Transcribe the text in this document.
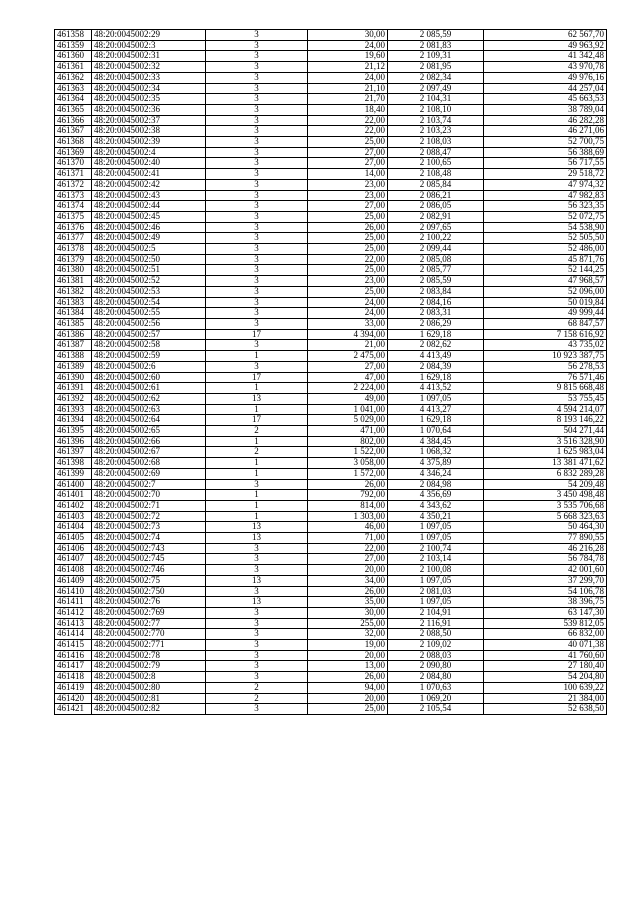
461358	48:20:0045002:29	3	30,00	2 085,59	62 567,70
461359	48:20:0045002:3	3	24,00	2 081,83	49 963,92
461360	48:20:0045002:31	3	19,60	2 109,31	41 342,48
461361	48:20:0045002:32	3	21,12	2 081,95	43 970,78
461362	48:20:0045002:33	3	24,00	2 082,34	49 976,16
461363	48:20:0045002:34	3	21,10	2 097,49	44 257,04
461364	48:20:0045002:35	3	21,70	2 104,31	45 663,53
461365	48:20:0045002:36	3	18,40	2 108,10	38 789,04
461366	48:20:0045002:37	3	22,00	2 103,74	46 282,28
461367	48:20:0045002:38	3	22,00	2 103,23	46 271,06
461368	48:20:0045002:39	3	25,00	2 108,03	52 700,75
461369	48:20:0045002:4	3	27,00	2 088,47	56 388,69
461370	48:20:0045002:40	3	27,00	2 100,65	56 717,55
461371	48:20:0045002:41	3	14,00	2 108,48	29 518,72
461372	48:20:0045002:42	3	23,00	2 085,84	47 974,32
461373	48:20:0045002:43	3	23,00	2 086,21	47 982,83
461374	48:20:0045002:44	3	27,00	2 086,05	56 323,35
461375	48:20:0045002:45	3	25,00	2 082,91	52 072,75
461376	48:20:0045002:46	3	26,00	2 097,65	54 538,90
461377	48:20:0045002:49	3	25,00	2 100,22	52 505,50
461378	48:20:0045002:5	3	25,00	2 099,44	52 486,00
461379	48:20:0045002:50	3	22,00	2 085,08	45 871,76
461380	48:20:0045002:51	3	25,00	2 085,77	52 144,25
461381	48:20:0045002:52	3	23,00	2 085,59	47 968,57
461382	48:20:0045002:53	3	25,00	2 083,84	52 096,00
461383	48:20:0045002:54	3	24,00	2 084,16	50 019,84
461384	48:20:0045002:55	3	24,00	2 083,31	49 999,44
461385	48:20:0045002:56	3	33,00	2 086,29	68 847,57
461386	48:20:0045002:57	17	4 394,00	1 629,18	7 158 616,92
461387	48:20:0045002:58	3	21,00	2 082,62	43 735,02
461388	48:20:0045002:59	1	2 475,00	4 413,49	10 923 387,75
461389	48:20:0045002:6	3	27,00	2 084,39	56 278,53
461390	48:20:0045002:60	17	47,00	1 629,18	76 571,46
461391	48:20:0045002:61	1	2 224,00	4 413,52	9 815 668,48
461392	48:20:0045002:62	13	49,00	1 097,05	53 755,45
461393	48:20:0045002:63	1	1 041,00	4 413,27	4 594 214,07
461394	48:20:0045002:64	17	5 029,00	1 629,18	8 193 146,22
461395	48:20:0045002:65	2	471,00	1 070,64	504 271,44
461396	48:20:0045002:66	1	802,00	4 384,45	3 516 328,90
461397	48:20:0045002:67	2	1 522,00	1 068,32	1 625 983,04
461398	48:20:0045002:68	1	3 058,00	4 375,89	13 381 471,62
461399	48:20:0045002:69	1	1 572,00	4 346,24	6 832 289,28
461400	48:20:0045002:7	3	26,00	2 084,98	54 209,48
461401	48:20:0045002:70	1	792,00	4 356,69	3 450 498,48
461402	48:20:0045002:71	1	814,00	4 343,62	3 535 706,68
461403	48:20:0045002:72	1	1 303,00	4 350,21	5 668 323,63
461404	48:20:0045002:73	13	46,00	1 097,05	50 464,30
461405	48:20:0045002:74	13	71,00	1 097,05	77 890,55
461406	48:20:0045002:743	3	22,00	2 100,74	46 216,28
461407	48:20:0045002:745	3	27,00	2 103,14	56 784,78
461408	48:20:0045002:746	3	20,00	2 100,08	42 001,60
461409	48:20:0045002:75	13	34,00	1 097,05	37 299,70
461410	48:20:0045002:750	3	26,00	2 081,03	54 106,78
461411	48:20:0045002:76	13	35,00	1 097,05	38 396,75
461412	48:20:0045002:769	3	30,00	2 104,91	63 147,30
461413	48:20:0045002:77	3	255,00	2 116,91	539 812,05
461414	48:20:0045002:770	3	32,00	2 088,50	66 832,00
461415	48:20:0045002:771	3	19,00	2 109,02	40 071,38
461416	48:20:0045002:78	3	20,00	2 088,03	41 760,60
461417	48:20:0045002:79	3	13,00	2 090,80	27 180,40
461418	48:20:0045002:8	3	26,00	2 084,80	54 204,80
461419	48:20:0045002:80	2	94,00	1 070,63	100 639,22
461420	48:20:0045002:81	2	20,00	1 069,20	21 384,00
461421	48:20:0045002:82	3	25,00	2 105,54	52 638,50
